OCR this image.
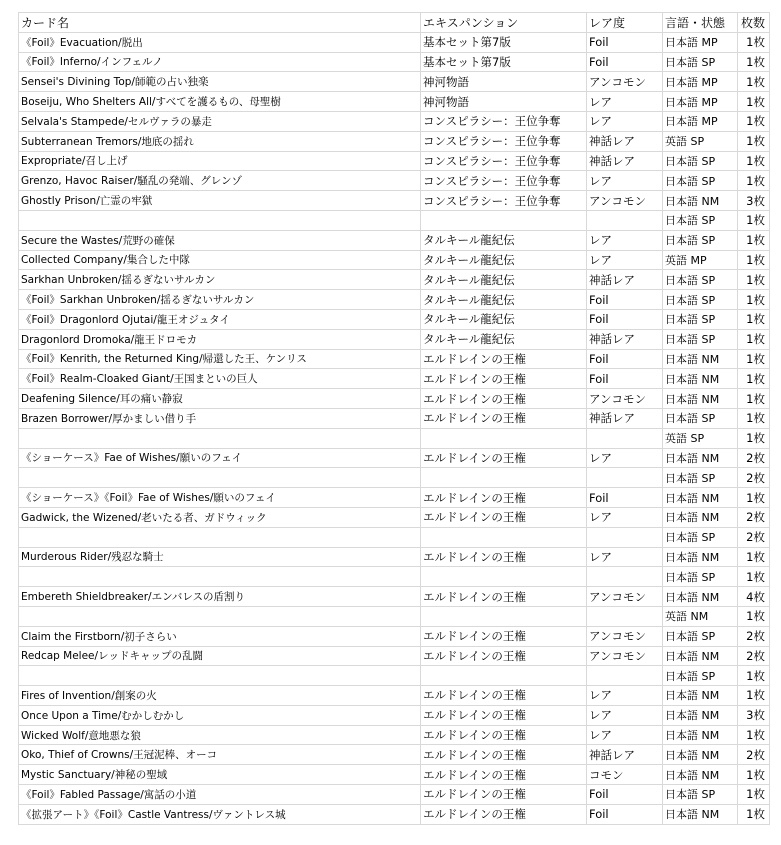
カード名	エキスパンション	レア度	言語・状態	枚数
《Foil》Evacuation/脱出	基本セット第7版	Foil	日本語 MP	1枚
《Foil》Inferno/インフェルノ	基本セット第7版	Foil	日本語 SP	1枚
Sensei's Divining Top/師範の占い独楽	神河物語	アンコモン	日本語 MP	1枚
Boseiju, Who Shelters All/すべてを護るもの、母聖樹	神河物語	レア	日本語 MP	1枚
Selvala's Stampede/セルヴァラの暴走	コンスピラシー：王位争奪	レア	日本語 MP	1枚
Subterranean Tremors/地底の揺れ	コンスピラシー：王位争奪	神話レア	英語 SP	1枚
Expropriate/召し上げ	コンスピラシー：王位争奪	神話レア	日本語 SP	1枚
Grenzo, Havoc Raiser/騒乱の発端、グレンゾ	コンスピラシー：王位争奪	レア	日本語 SP	1枚
Ghostly Prison/亡霊の牢獄	コンスピラシー：王位争奪	アンコモン	日本語 NM	3枚
			日本語 SP	1枚
Secure the Wastes/荒野の確保	タルキール龍紀伝	レア	日本語 SP	1枚
Collected Company/集合した中隊	タルキール龍紀伝	レア	英語 MP	1枚
Sarkhan Unbroken/揺るぎないサルカン	タルキール龍紀伝	神話レア	日本語 SP	1枚
《Foil》Sarkhan Unbroken/揺るぎないサルカン	タルキール龍紀伝	Foil	日本語 SP	1枚
《Foil》Dragonlord Ojutai/龍王オジュタイ	タルキール龍紀伝	Foil	日本語 SP	1枚
Dragonlord Dromoka/龍王ドロモカ	タルキール龍紀伝	神話レア	日本語 SP	1枚
《Foil》Kenrith, the Returned King/帰還した王、ケンリス	エルドレインの王権	Foil	日本語 NM	1枚
《Foil》Realm-Cloaked Giant/王国まといの巨人	エルドレインの王権	Foil	日本語 NM	1枚
Deafening Silence/耳の痛い静寂	エルドレインの王権	アンコモン	日本語 NM	1枚
Brazen Borrower/厚かましい借り手	エルドレインの王権	神話レア	日本語 SP	1枚
			英語 SP	1枚
《ショーケース》Fae of Wishes/願いのフェイ	エルドレインの王権	レア	日本語 NM	2枚
			日本語 SP	2枚
《ショーケース》《Foil》Fae of Wishes/願いのフェイ	エルドレインの王権	Foil	日本語 NM	1枚
Gadwick, the Wizened/老いたる者、ガドウィック	エルドレインの王権	レア	日本語 NM	2枚
			日本語 SP	2枚
Murderous Rider/残忍な騎士	エルドレインの王権	レア	日本語 NM	1枚
			日本語 SP	1枚
Embereth Shieldbreaker/エンバレスの盾割り	エルドレインの王権	アンコモン	日本語 NM	4枚
			英語 NM	1枚
Claim the Firstborn/初子さらい	エルドレインの王権	アンコモン	日本語 SP	2枚
Redcap Melee/レッドキャップの乱闘	エルドレインの王権	アンコモン	日本語 NM	2枚
			日本語 SP	1枚
Fires of Invention/創案の火	エルドレインの王権	レア	日本語 NM	1枚
Once Upon a Time/むかしむかし	エルドレインの王権	レア	日本語 NM	3枚
Wicked Wolf/意地悪な狼	エルドレインの王権	レア	日本語 NM	1枚
Oko, Thief of Crowns/王冠泥棒、オーコ	エルドレインの王権	神話レア	日本語 NM	2枚
Mystic Sanctuary/神秘の聖域	エルドレインの王権	コモン	日本語 NM	1枚
《Foil》Fabled Passage/寓話の小道	エルドレインの王権	Foil	日本語 SP	1枚
《拡張アート》《Foil》Castle Vantress/ヴァントレス城	エルドレインの王権	Foil	日本語 NM	1枚
